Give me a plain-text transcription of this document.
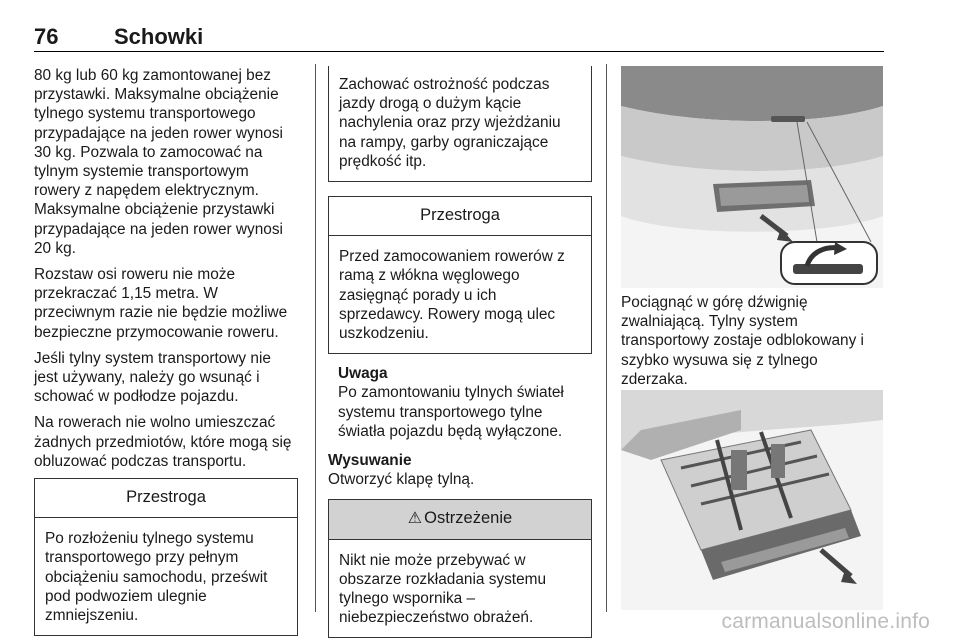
76	Schowki

80 kg lub 60 kg zamontowanej bez przystawki. Maksymalne obciążenie tylnego systemu transportowego przypadające na jeden rower wynosi 30 kg. Pozwala to zamocować na tylnym systemie transportowym rowery z napędem elektrycznym. Maksymalne obciążenie przystawki przypadające na jeden rower wynosi 20 kg.

Rozstaw osi roweru nie może przekraczać 1,15 metra. W przeciwnym razie nie będzie możliwe bezpieczne przymocowanie roweru.

Jeśli tylny system transportowy nie jest używany, należy go wsunąć i schować w podłodze pojazdu.

Na rowerach nie wolno umieszczać żadnych przedmiotów, które mogą się obluzować podczas transportu.

Przestroga
Po rozłożeniu tylnego systemu transportowego przy pełnym obciążeniu samochodu, prześwit pod podwoziem ulegnie zmniejszeniu.
Zachować ostrożność podczas jazdy drogą o dużym kącie nachylenia oraz przy wjeżdżaniu na rampy, garby ograniczające prędkość itp.
Przestroga
Przed zamocowaniem rowerów z ramą z włókna węglowego zasięgnąć porady u ich sprzedawcy. Rowery mogą ulec uszkodzeniu.
Uwaga
Po zamontowaniu tylnych świateł systemu transportowego tylne światła pojazdu będą wyłączone.
Wysuwanie
Otworzyć klapę tylną.
⚠ Ostrzeżenie
Nikt nie może przebywać w obszarze rozkładania systemu tylnego wspornika – niebezpieczeństwo obrażeń.
Pociągnąć w górę dźwignię zwalniającą. Tylny system transportowy zostaje odblokowany i szybko wysuwa się z tylnego zderzaka.
carmanualsonline.info
